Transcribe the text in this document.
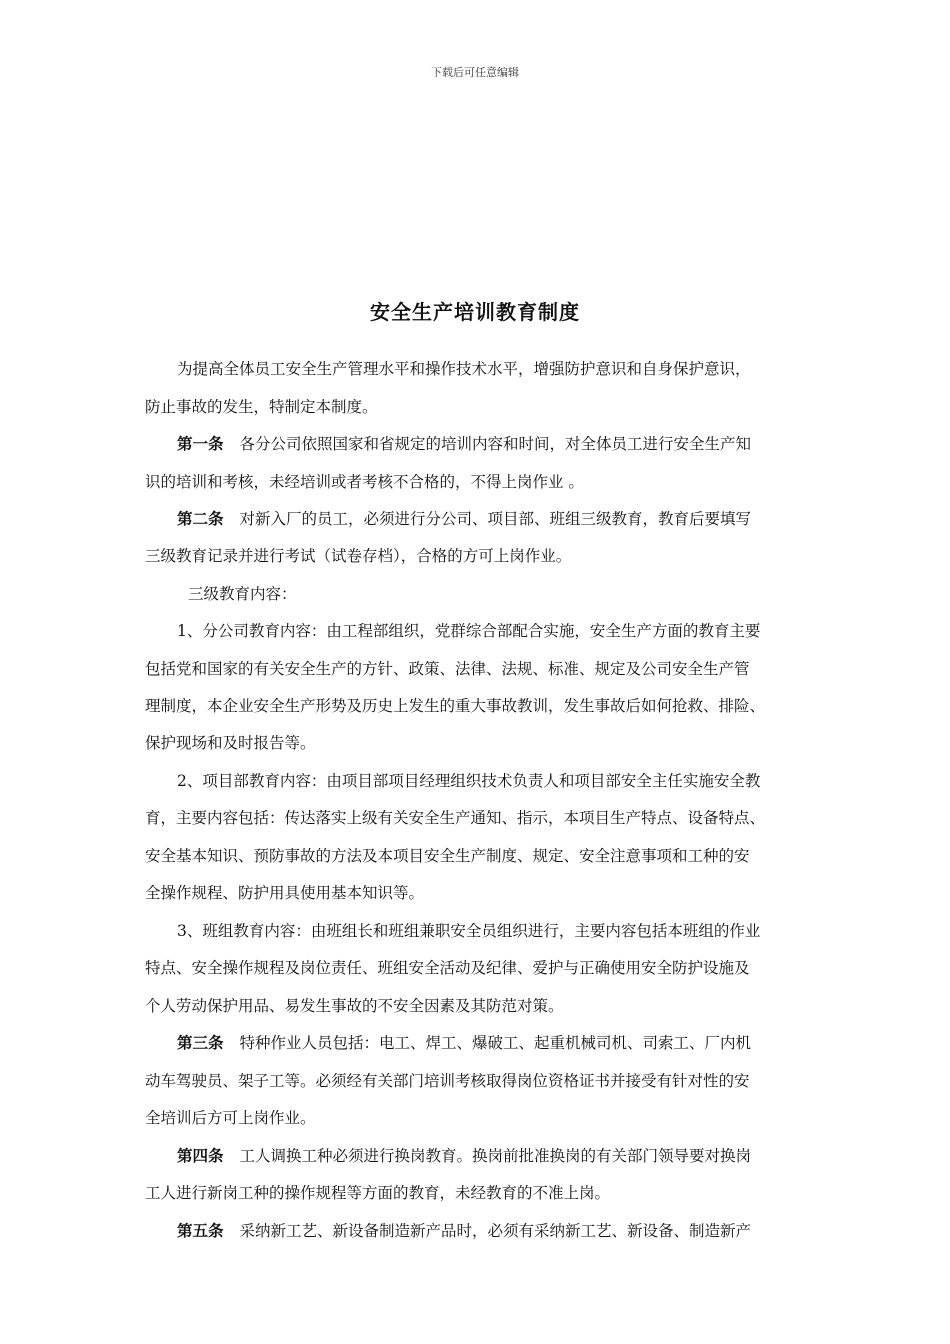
下载后可任意编辑
安全生产培训教育制度
为提高全体员工安全生产管理水平和操作技术水平，增强防护意识和自身保护意识，
防止事故的发生，特制定本制度。
第一条 各分公司依照国家和省规定的培训内容和时间，对全体员工进行安全生产知
识的培训和考核，未经培训或者考核不合格的，不得上岗作业 。
第二条 对新入厂的员工，必须进行分公司、项目部、班组三级教育，教育后要填写
三级教育记录并进行考试（试卷存档），合格的方可上岗作业。
三级教育内容：
1、分公司教育内容：由工程部组织，党群综合部配合实施，安全生产方面的教育主要
包括党和国家的有关安全生产的方针、政策、法律、法规、标准、规定及公司安全生产管
理制度，本企业安全生产形势及历史上发生的重大事故教训，发生事故后如何抢救、排险、
保护现场和及时报告等。
2、项目部教育内容：由项目部项目经理组织技术负责人和项目部安全主任实施安全教
育，主要内容包括：传达落实上级有关安全生产通知、指示，本项目生产特点、设备特点、
安全基本知识、预防事故的方法及本项目安全生产制度、规定、安全注意事项和工种的安
全操作规程、防护用具使用基本知识等。
3、班组教育内容：由班组长和班组兼职安全员组织进行，主要内容包括本班组的作业
特点、安全操作规程及岗位责任、班组安全活动及纪律、爱护与正确使用安全防护设施及
个人劳动保护用品、易发生事故的不安全因素及其防范对策。
第三条 特种作业人员包括：电工、焊工、爆破工、起重机械司机、司索工、厂内机
动车驾驶员、架子工等。必须经有关部门培训考核取得岗位资格证书并接受有针对性的安
全培训后方可上岗作业。
第四条 工人调换工种必须进行换岗教育。换岗前批准换岗的有关部门领导要对换岗
工人进行新岗工种的操作规程等方面的教育，未经教育的不准上岗。
第五条 采纳新工艺、新设备制造新产品时，必须有采纳新工艺、新设备、制造新产
